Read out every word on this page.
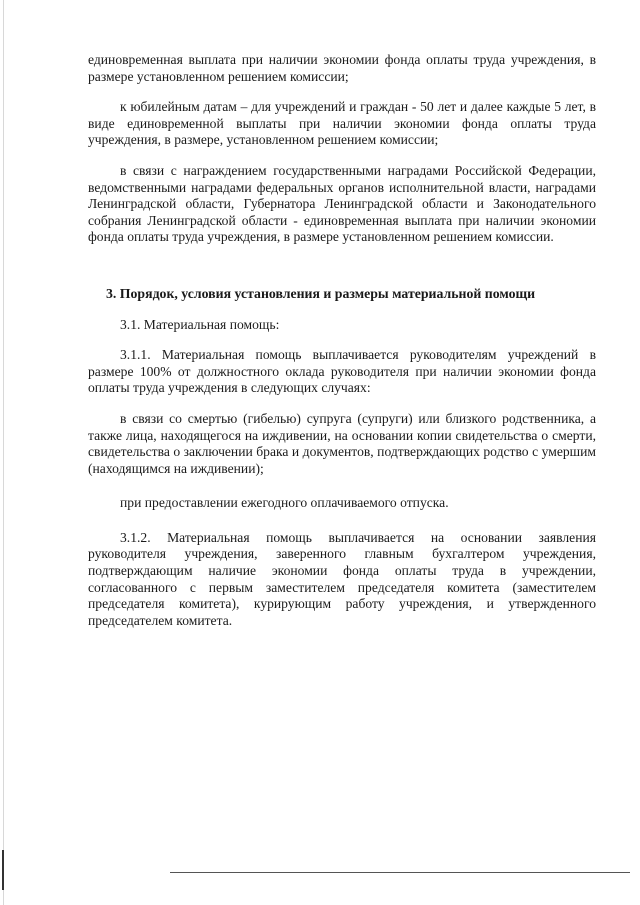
единовременная выплата при наличии экономии фонда оплаты труда учреждения, в размере установленном решением комиссии;

к юбилейным датам – для учреждений и граждан - 50 лет и далее каждые 5 лет, в виде единовременной выплаты при наличии экономии фонда оплаты труда учреждения, в размере, установленном решением комиссии;

в связи с награждением государственными наградами Российской Федерации, ведомственными наградами федеральных органов исполнительной власти, наградами Ленинградской области, Губернатора Ленинградской области и Законодательного собрания Ленинградской области - единовременная выплата при наличии экономии фонда оплаты труда учреждения, в размере установленном решением комиссии.

3. Порядок, условия установления и размеры материальной помощи

3.1. Материальная помощь:

3.1.1. Материальная помощь выплачивается руководителям учреждений в размере 100% от должностного оклада руководителя при наличии экономии фонда оплаты труда учреждения в следующих случаях:

в связи со смертью (гибелью) супруга (супруги) или близкого родственника, а также лица, находящегося на иждивении, на основании копии свидетельства о смерти, свидетельства о заключении брака и документов, подтверждающих родство с умершим (находящимся на иждивении);

при предоставлении ежегодного оплачиваемого отпуска.

3.1.2. Материальная помощь выплачивается на основании заявления руководителя учреждения, заверенного главным бухгалтером учреждения, подтверждающим наличие экономии фонда оплаты труда в учреждении, согласованного с первым заместителем председателя комитета (заместителем председателя комитета), курирующим работу учреждения, и утвержденного председателем комитета.
